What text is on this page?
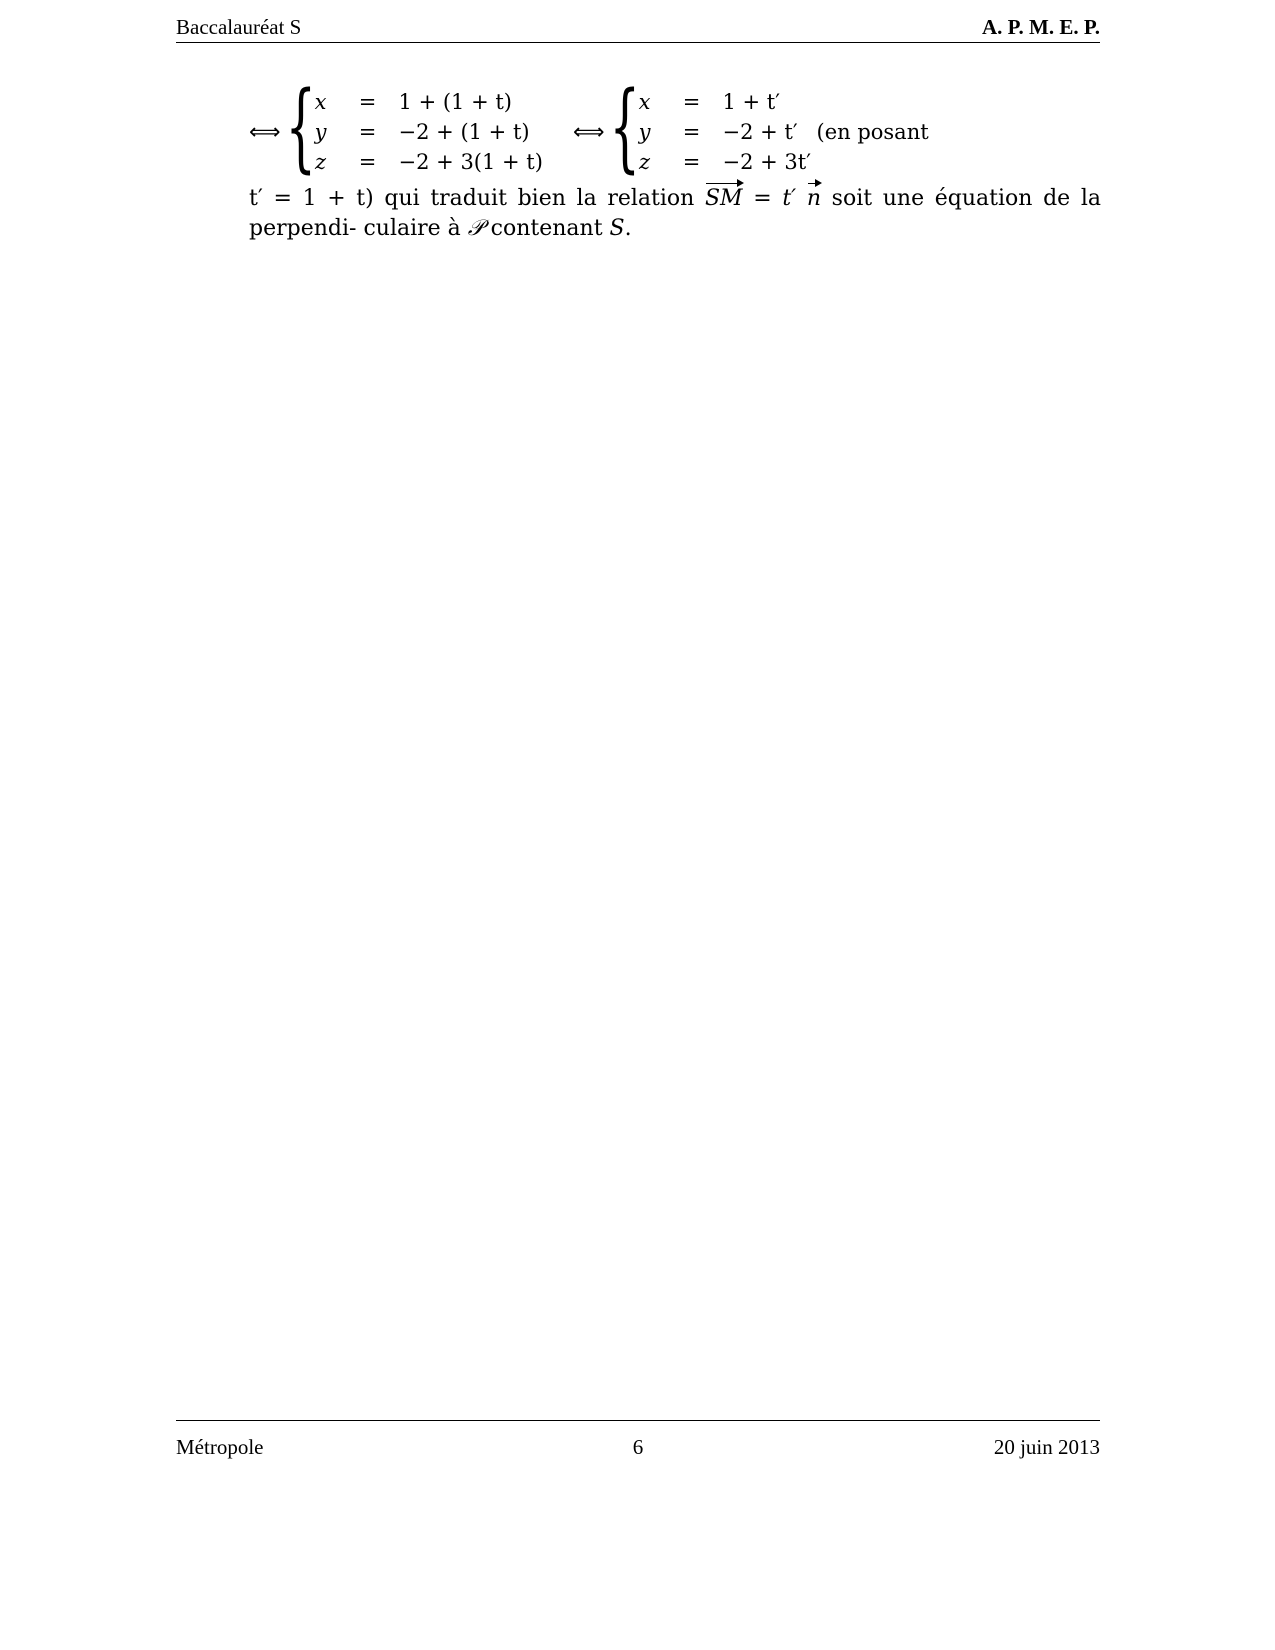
Baccalauréat S	A. P. M. E. P.
⟺ { x	=	1 + (1 + t)
y	=	−2 + (1 + t)
z	=	−2 + 3(1 + t)
⟺ { x	=	1 + t′
y	=	−2 + t′
z	=	−2 + 3t′
(en posant
t′ = 1 + t) qui traduit bien la relation SM = t′ n soit une équation de la perpendi- culaire à 𝒫 contenant S.
Métropole	6	20 juin 2013
